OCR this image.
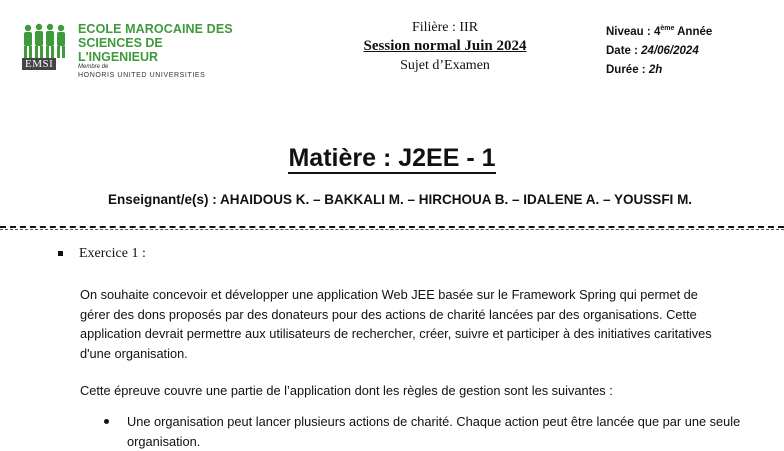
EMSI
ECOLE MAROCAINE DES
SCIENCES DE L'INGENIEUR
Membre de
HONORIS UNITED UNIVERSITIES
Filière : IIR
Session normal Juin 2024
Sujet d’Examen
Niveau : 4ème Année
Date : 24/06/2024
Durée : 2h
Matière : J2EE - 1
Enseignant/e(s) : AHAIDOUS K. – BAKKALI M. – HIRCHOUA B. – IDALENE A. – YOUSSFI M.
Exercice 1 :
On souhaite concevoir et développer une application Web JEE basée sur le Framework Spring qui permet de gérer des dons proposés par des donateurs pour des actions de charité lancées par des organisations. Cette application devrait permettre aux utilisateurs de rechercher, créer, suivre et participer à des initiatives caritatives d'une organisation.
Cette épreuve couvre une partie de l’application dont les règles de gestion sont les suivantes :
Une organisation peut lancer plusieurs actions de charité. Chaque action peut être lancée que par une seule organisation.
